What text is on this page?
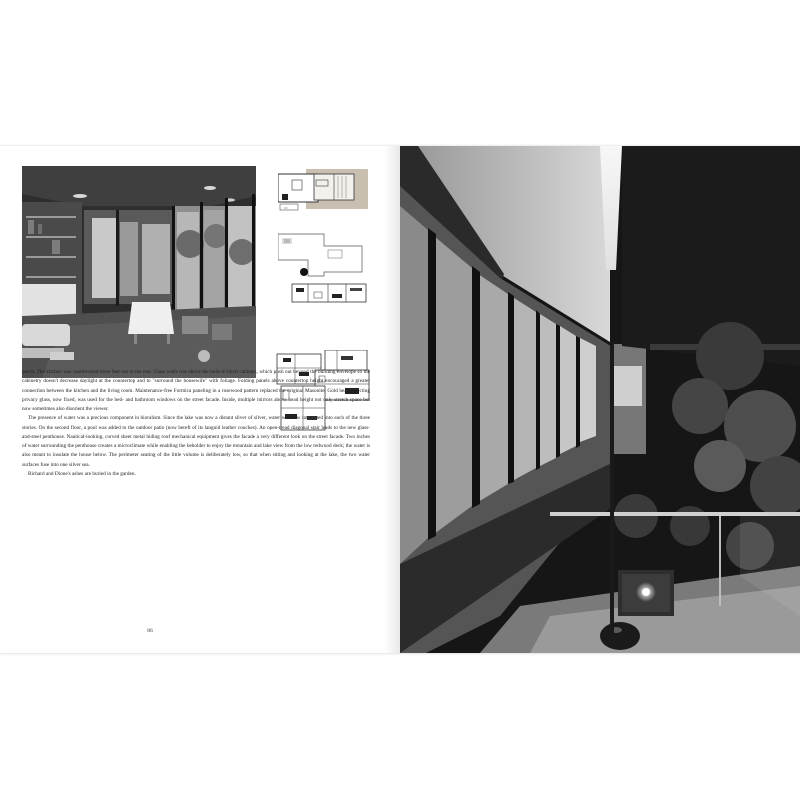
==

porch. The kitchen was cantilevered three feet out to the rear. Glass walls rise above the built-in birch cabinets, which push out beyond the building envelope so the cabinetry doesn't decrease daylight at the countertop and to "surround the housewife" with foliage. Folding panels above countertop height encouraged a greater connection between the kitchen and the living room. Maintenance-free Formica paneling in a rosewood pattern replaced the original Masonite. Gold heat-reflecting privacy glass, now fixed, was used for the bed- and bathroom windows on the street facade. Inside, multiple mirrors above head height not only stretch space but now sometimes also disorient the viewer.

The presence of water was a precious component in bioralism. Since the lake was now a distant sliver of silver, water was now integrated into each of the three stories. On the second floor, a pool was added to the outdoor patio (now bereft of its languid leather couches). An open-tread diagonal stair leads to the new glass-and-steel penthouse. Nautical-looking, curved sheet metal hiding roof mechanical equipment gives the facade a very different look on the street facade. Two inches of water surrounding the penthouse creates a microclimate while enabling the beholder to enjoy the mountain and lake view from the low redwood deck; the water is also meant to insulate the house below. The perimeter seating of the little volume is deliberately low, so that when sitting and looking at the lake, the two water surfaces fuse into one silver sea.

Richard and Dione's ashes are buried in the garden.

86
